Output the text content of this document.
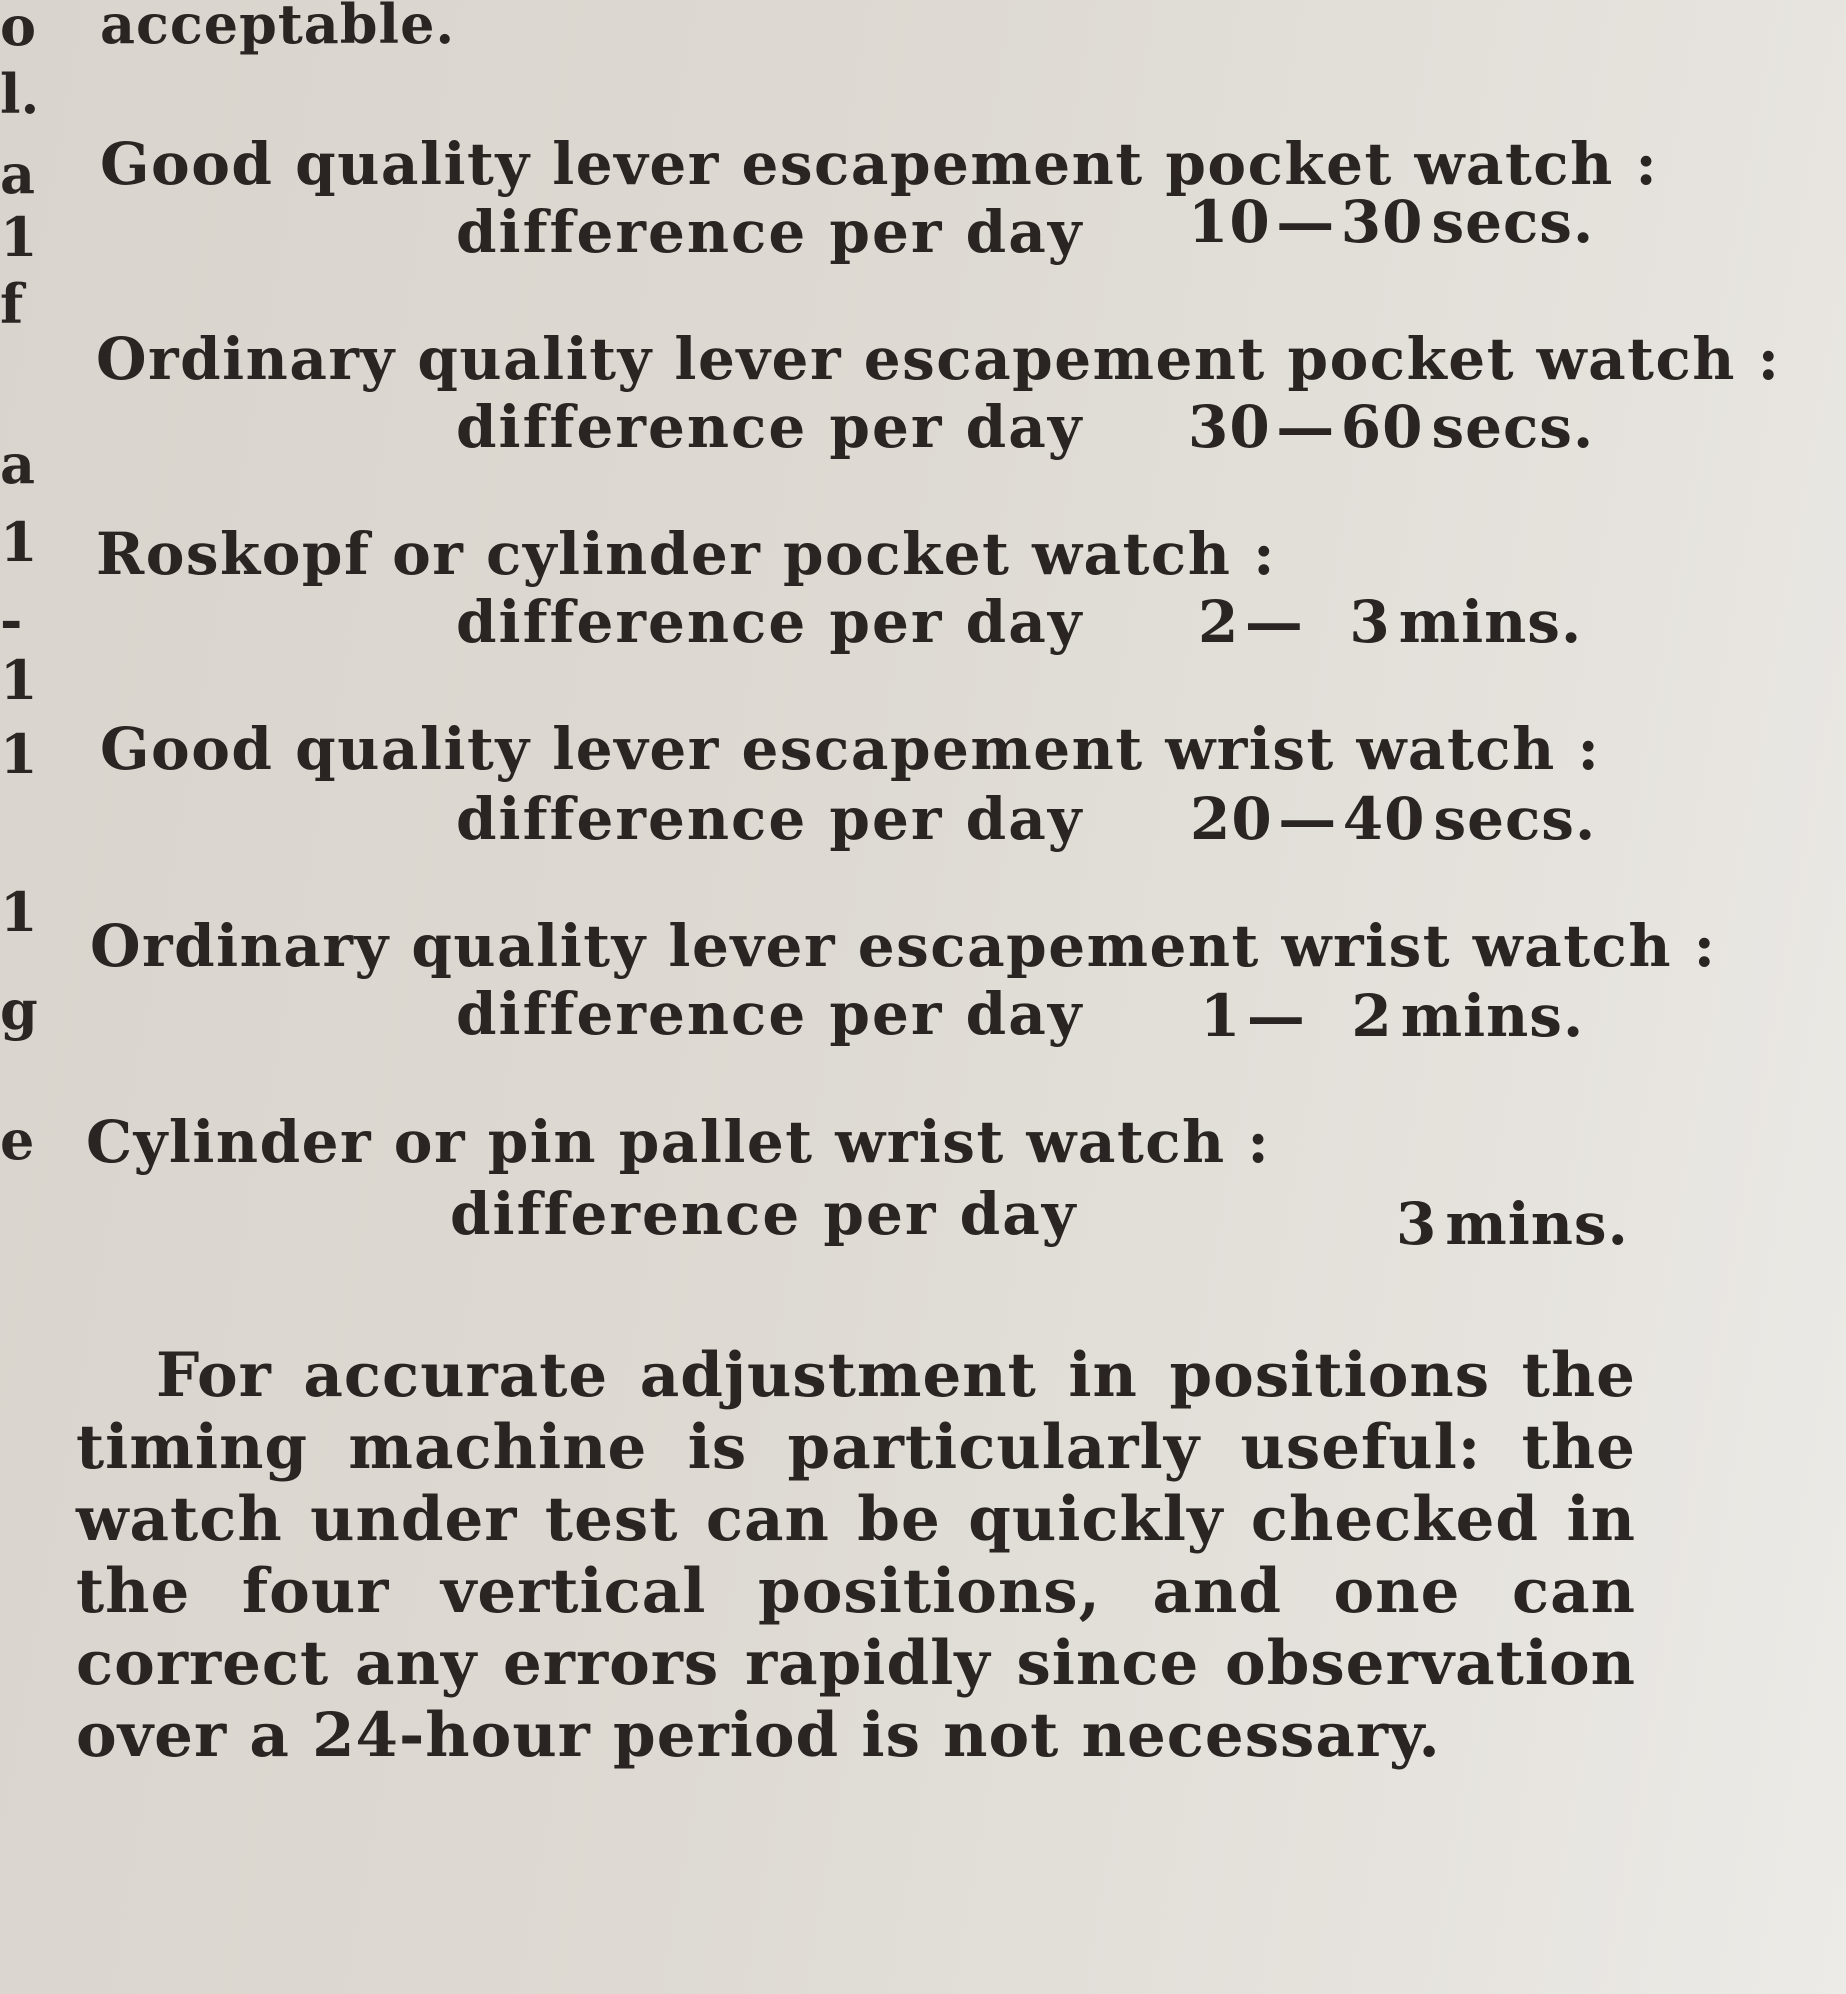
o
l.
a
1
f
a
1
-
1
1
1
g
e
acceptable.
Good quality lever escapement pocket watch :
difference per day 10—30 secs.
Ordinary quality lever escapement pocket watch :
difference per day 30—60 secs.
Roskopf or cylinder pocket watch :
difference per day 2— 3 mins.
Good quality lever escapement wrist watch :
difference per day 20—40 secs.
Ordinary quality lever escapement wrist watch :
difference per day 1— 2 mins.
Cylinder or pin pallet wrist watch :
difference per day	3 mins.

For accurate adjustment in positions the timing machine is particularly useful: the watch under test can be quickly checked in the four vertical positions, and one can correct any errors rapidly since observation over a 24-hour period is not necessary.
